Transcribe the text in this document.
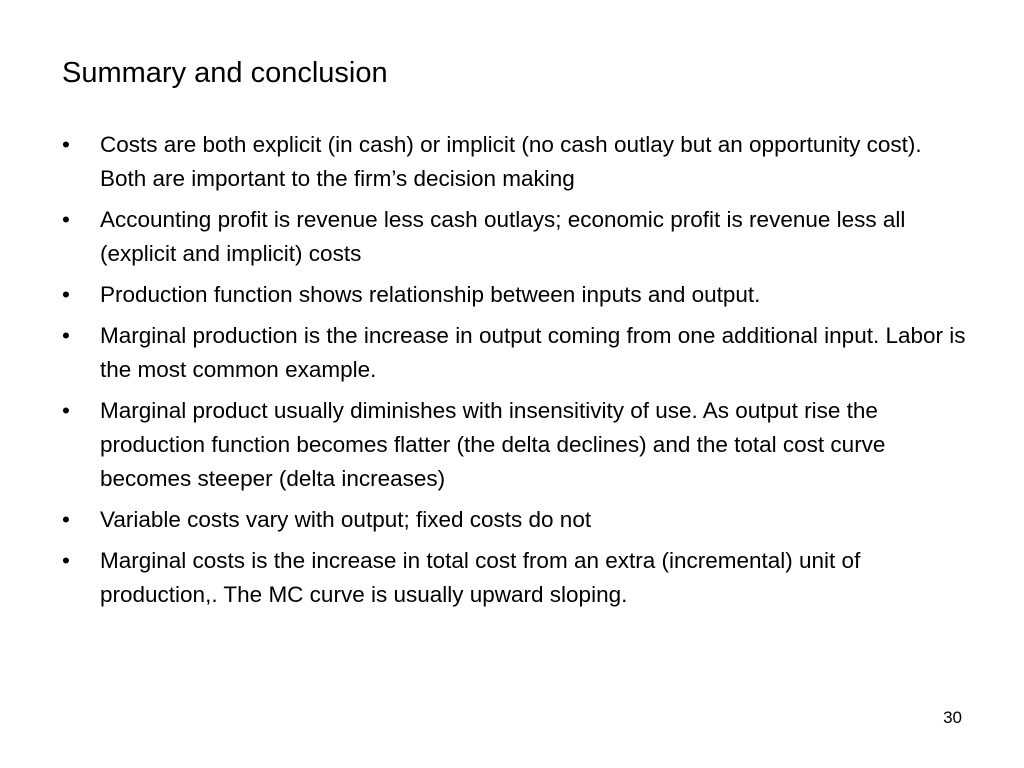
Summary and conclusion
•	Costs are both explicit (in cash) or implicit (no cash outlay but an opportunity cost). Both are important to the firm’s decision making
•	Accounting profit is revenue less cash outlays; economic profit is revenue less all (explicit and implicit) costs
•	Production function shows relationship between inputs and output.
•	Marginal production is the increase in output coming from one additional input. Labor is the most common example.
•	Marginal product usually diminishes with insensitivity of use. As output rise the production function becomes flatter (the delta declines) and the total cost curve becomes steeper (delta increases)
•	Variable costs vary with output; fixed costs do not
•	Marginal costs is the increase in total cost from an extra (incremental) unit of production,. The MC curve is usually upward sloping.
30
